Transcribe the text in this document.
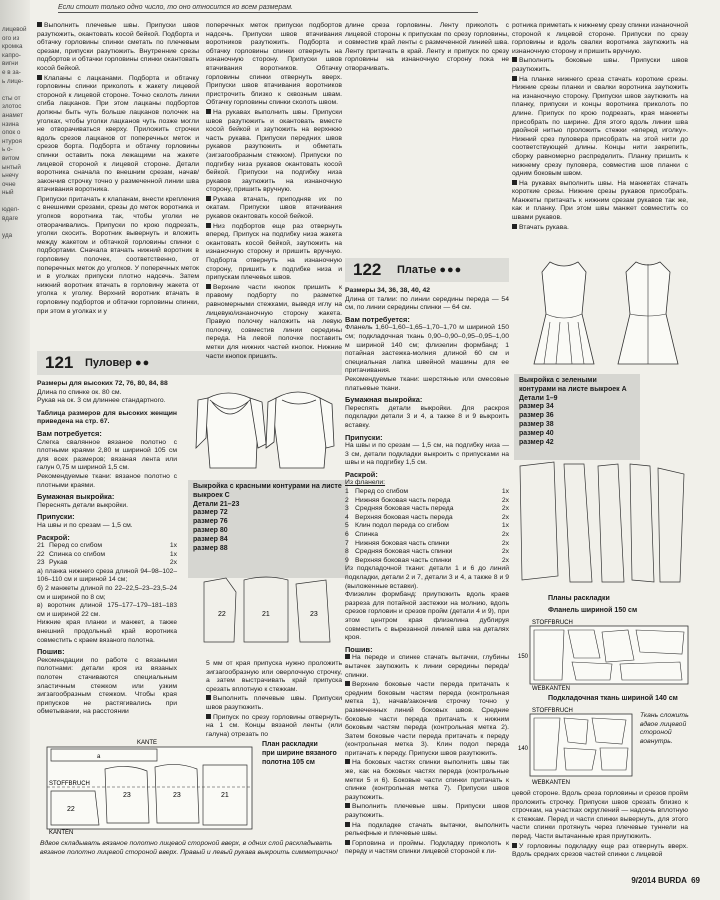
лицевой
ого из
кромка
капро-
вигни
е в за-
ь лице-

сты от
злотос
анамет
нзина
опок о
нтуроя
ь о-
витом
ынтый
ьнечу
очне
ный

юдел-
вдаге

уда
Если стоит только одно число, то оно относится ко всем размерам.
Выполнить плечевые швы. Припуски швов разутюжить, окантовать косой бейкой. Подборта и обтачку горловины спинки сметать по плечевым срезам, припуски разутюжить. Внутренние срезы подбортов и обтачки горловины спинки окантовать косой бейкой.
Клапаны с лацканами. Подборта и обтачку горловины спинки приколоть к жакету лицевой стороной к лицевой стороне. Точно сколоть линии сгиба лацканов. При этом лацканы подбортов должны быть чуть больше лацканов полочек на уголках, чтобы уголки лацканов чуть позже могли не отворачиваться кверху. Приложить строчки вдоль срезов лацканов от поперечных меток и срезов борта. Подборта и обтачку горловины спинки оставить пока лежащими на жакете лицевой стороной к лицевой стороне. Детали воротника сначала по внешним срезам, начав/закончив строчку точно у размеченной линии шва втачивания воротника.
Припуски притачать к клапанам, внести крепления с внешними срезами, срезы до меток воротника и уголков воротника так, чтобы уголки не отворачивались. Припуски по крою подрезать, уголки скосить. Воротник вывернуть и вложить между жакетом и обтачкой горловины спинки с подбортами. Сначала втачать нижний воротник в горловину полочек, соответственно, от поперечных меток до уголков. У поперечных меток и в уголках припуски плотно надсечь. Затем нижний воротник втачать в горловину жакета от уголка к уголку. Верхний воротник втачать в горловину подбортов и обтачки горловины спинки, при этом в уголках и у
121 Пуловер ●●
Размеры для высоких 72, 76, 80, 84, 88
Длина по спинке ок. 80 см.
Рукав на ок. 3 см длиннее стандартного.
Таблица размеров для высоких женщин приведена на стр. 67.
Вам потребуется:
Слегка свалянное вязаное полотно с плотными краями 2,80 м шириной 105 см для всех размеров; вязаная лента или галун 0,75 м шириной 1,5 см.
Рекомендуемые ткани: вязаное полотно с плотными краями.
Бумажная выкройка:
Переснять детали выкройки.
Припуски:
На швы и по срезам — 1,5 см.
Раскрой:
21	Перед со сгибом	1x
22	Спинка со сгибом	1x
23	Рукав	2x
а) планка нижнего среза длиной 94–98–102–106–110 см и шириной 14 см;
б) 2 манжеты длиной по 22–22,5–23–23,5–24 см и шириной по 8 см;
в) воротник длиной 175–177–179–181–183 см и шириной 22 см.
Нижние края планки и манжет, а также внешний продольный край воротника совместить с краем вязаного полотна.
Пошив:
Рекомендации по работе с вязаными полотнами: детали кроя из вязаных полотен стачиваются специальным эластичным стежком или узким зигзагообразным стежком. Чтобы края припусков не растягивались при обметывании, на расстоянии
Выкройка с красными контурами на листе выкроек С
Детали 21–23
размер 72
размер 76
размер 80
размер 84
размер 88
22	21	23
5 мм от края припуска нужно проложить зигзагообразную или оверлочную строчку, а затем выстрачивать край припуска срезать вплотную к стежкам.
Выполнить плечевые швы. Припуски швов разутюжить.
Припуск по срезу горловины отвернуть, на 1 см. Концы вязаной ленты (или галуна) отрезать по
KANTE
STOFFBRUCH
KANTEN
a
22
23	23	21
План раскладки
при ширине вязаного полотна 105 см
Вдвое складывать вязаное полотно лицевой стороной вверх, в одних слой раскладывать вязаное полотно лицевой стороной вверх. Правый и левый рукава выкроить симметрично!
поперечных меток припуски подбортов надсечь. Припуски швов втачивания воротников разутюжить. Подборта и обтачку горловины спинки отвернуть на изнаночную сторону. Припуски швов втачивания воротников. Обтачку горловины спинки отвернуть вверх. Припуски швов втачивания воротников пристрочить близко к сквозным швам. Обтачку горловины спинки сколоть швом.
На рукавах выполнить швы. Припуски швов разутюжить и окантовать вместе косой бейкой и заутюжить на верхнюю часть рукава. Припуски передних швов рукавов разутюжить и обметать (зигзагообразным стежком). Припуски по подгибку низа рукавов окантовать косой бейкой. Припуски на подгибку низа рукавов заутюжить на изнаночную сторону, пришить вручную.
Рукава втачать, приподняв их по окатам. Припуски швов втачивания рукавов окантовать косой бейкой.
Низ подбортов еще раз отвернуть вперед. Припуск на подгибку низа жакета окантовать косой бейкой, заутюжить на изнаночную сторону и пришить вручную. Подборта отвернуть на изнаночную сторону, пришить к подгибке низа и припускам плечевых швов.
Верхние части кнопок пришить к правому подборту по разметке равномерными стежками, выведя иглу на лицевую/изнаночную сторону жакета. Правую полочку наложить на левую полочку, совместив линии середины переда. На левой полочке поставить метки для нижних частей кнопок. Нижние части кнопок пришить.
длине среза горловины. Ленту приколоть с лицевой стороны к припускам по срезу горловины, совместив край ленты с размеченной линией шва. Ленту притачать в край. Ленту и припуск по срезу горловины на изнаночную сторону пока не отворачивать.
122 Платье ●●●
Размеры 34, 36, 38, 40, 42
Длина от талии: по линии середины переда — 54 см, по линии середины спинки — 64 см.
Вам потребуется:
Фланель 1,60–1,60–1,65–1,70–1,70 м шириной 150 см; подкладочная ткань 0,90–0,90–0,95–0,95–1,00 м шириной 140 см; флизелин формбанд; 1 потайная застежка-молния длиной 60 см и специальная лапка швейной машины для ее притачивания.
Рекомендуемые ткани: шерстяные или смесовые платьевые ткани.
Бумажная выкройка:
Пересnять детали выкройки. Для раскроя подкладки детали 3 и 4, а также 8 и 9 выкроить вставку.
Припуски:
На швы и по срезам — 1,5 см, на подгибку низа — 3 см, детали подкладки выкроить с припусками на швы и на подгибку 1,5 см.
Раскрой:
Из фланели:
1	Перед со сгибом	1x
2	Нижняя боковая часть переда	2x
3	Средняя боковая часть переда	2x
4	Верхняя боковая часть переда	2x
5	Клин подол переда со сгибом	1x
6	Спинка	2x
7	Нижняя боковая часть спинки	2x
8	Средняя боковая часть спинки	2x
9	Верхняя боковая часть спинки	2x
Из подкладочной ткани: детали 1 и 6 до линий подкладки, детали 2 и 7, детали 3 и 4, а также 8 и 9 (выложенные вставки).
Флизелин формбанд: приутюжить вдоль краев разреза для потайной застежки на молнию, вдоль срезов горловин и срезов пройм (детали 4 и 9), при этом центром края флизелина дублируя совместить с вырезанной линией шва на деталях кроя.
Пошив:
На переде и спинке стачать вытачки, глубины вытачек заутюжить к линии середины переда/спинки.
Верхние боковые части переда притачать к средним боковым частям переда (контрольная метка 1), начав/закончив строчку точно у размеченных линий боковых швов. Средние боковые части переда притачать к нижним боковым частям переда (контрольная метка 2). Затем боковые части переда притачать к переду (контрольная метка 3). Клин подол переда притачать к переду. Припуски швов разутюжить.
На боковых частях спинки выполнить швы так же, как на боковых частях переда (контрольные метки 5 и 6). Боковые части спинки притачать к спинке (контрольная метка 7). Припуски швов разутюжить.
Выполнить плечевые швы. Припуски швов разутюжить.
На подкладке стачать вытачки, выполнить рельефные и плечевые швы.
Горловина и проймы. Подкладку приколоть к переду и частям спинки лицевой стороной к ли-
ротника приметать к нижнему срезу спинки изнаночной стороной к лицевой стороне. Припуски по срезу горловины и вдоль свалки воротника заутюжить на изнаночную сторону и пришить вручную.
Выполнить боковые швы. Припуски швов разутюжить.
На планке нижнего среза стачать короткие срезы. Нижние срезы планки и свалки воротника заутюжить на изнаночную сторону. Припуски швов заутюжить на планку, припуски и концы воротника приколоть по длине. Припуск по крою подрезать, края манжеты присобрать по ширине. Для этого вдоль линии шва двойной нитью проложить стежки «вперед иголку». Нижний срез пуловера присобрать на этой нити до соответствующей длины. Концы нити закрепить, сборку равномерно распределить. Планку пришить к нижнему срезу пуловера, совместив шов планки с одним боковым швом.
На рукавах выполнить швы. На манжетах стачать короткие срезы. Нижние срезы рукавов присобрать. Манжеты притачать к нижним срезам рукавов так же, как и планку. При этом швы манжет совместить со швами рукавов.
Втачать рукава.
Выкройка с зелеными контурами на листе выкроек А
Детали 1–9
размер 34
размер 36
размер 38
размер 40
размер 42
Планы раскладки
Фланель шириной 150 см
STOFFBRUCH
WEBKANTEN
150
Подкладочная ткань шириной 140 см
STOFFBRUCH
WEBKANTEN
140
Ткань сложить вдвое лицевой стороной вовнутрь.
цевой стороне. Вдоль среза горловины и срезов пройм проложить строчку. Припуски швов срезать близко к строчкам, на участках округлений — надсечь вплотную к стежкам. Перед и части спинки вывернуть, для этого части спинки протянуть через плечевые туннели на перед. Части вытачанные края приутюжить.
У горловины подкладку еще раз отвернуть вверх. Вдоль средних срезов частей спинки с лицевой
9/2014 BURDA 69
